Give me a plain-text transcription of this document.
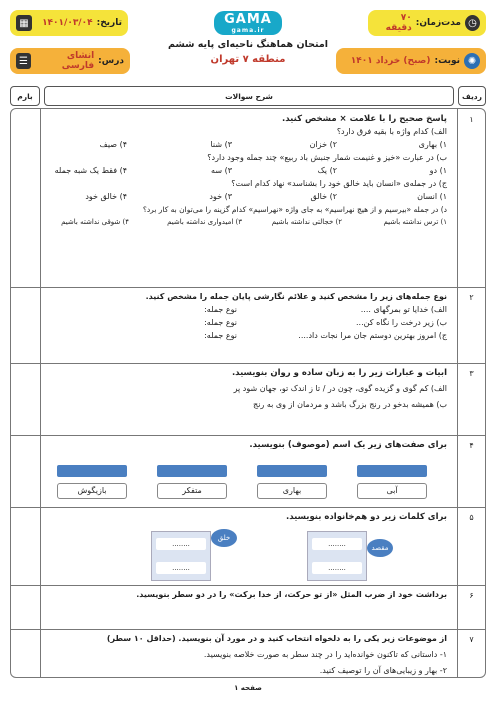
◷
مدت‌زمان:
۷۰ دقیقه
تاریخ:
۱۴۰۱/۰۳/۰۴
▦	GAMA
gama.ir
امتحان هماهنگ ناحیه‌ای پایه ششم
منطقه ۷ تهران	✺
نوبت:
(صبح) خرداد ۱۴۰۱
درس:
انشای فارسی
☰
ردیف
شرح سوالات
بارم
۱
پاسخ صحیح را با علامت × مشخص کنید.
الف) کدام واژه با بقیه فرق دارد؟
۱) بهاری
۲) خزان
۳) شنا
۴) صیف
ب) در عبارت «خیز و غنیمت شمار جنبش باد ربیع» چند جمله وجود دارد؟
۱) دو
۲) یک
۳) سه
۴) فقط یک شبه جمله
ج) در جمله‌ی «انسان باید خالق خود را بشناسد» نهاد کدام است؟
۱) انسان
۲) خالق
۳) خود
۴) خالق خود
د) در جمله «بیرسیم و از هیچ نهراسیم» به جای واژه «نهراسیم» کدام گزینه را می‌توان به کار برد؟
۱) ترس نداشته باشیم
۲) خجالتی نداشته باشیم
۳) امیدواری نداشته باشیم
۴) شوقی نداشته باشیم
۲
نوع جمله‌های زیر را مشخص کنید و علائم نگارشی پایان جمله را مشخص کنید.
الف) خدایا تو بمرگهای ....
نوع جمله:
ب) زیر درخت را نگاه کن...
نوع جمله:
ج) امروز بهترین دوستم جان مرا نجات داد....
نوع جمله:
۳
ابیات و عبارات زیر را به زبان ساده و روان بنویسید.
الف) کم گوی و گزیده گوی، چون در / تا ز اندک تو، جهان شود پر
ب) همیشه بدخو در رنج بزرگ باشد و مردمان از وی به رنج
۴
برای صفت‌های زیر یک اسم (موصوف) بنویسید.
آبی
بهاری
متفکر
بازیگوش
۵
برای کلمات زیر دو هم‌خانواده بنویسید.
........
........
مقصد
........
........
خلق
۶
برداشت خود از ضرب المثل «از تو حرکت، از خدا برکت» را در دو سطر بنویسید.
۷
از موضوعات زیر یکی را به دلخواه انتخاب کنید و در مورد آن بنویسید. (حداقل ۱۰ سطر)
۱- داستانی که تاکنون خوانده‌اید را در چند سطر به صورت خلاصه بنویسید.
۲- بهار و زیبایی‌های آن را توصیف کنید.
صفحه ۱
